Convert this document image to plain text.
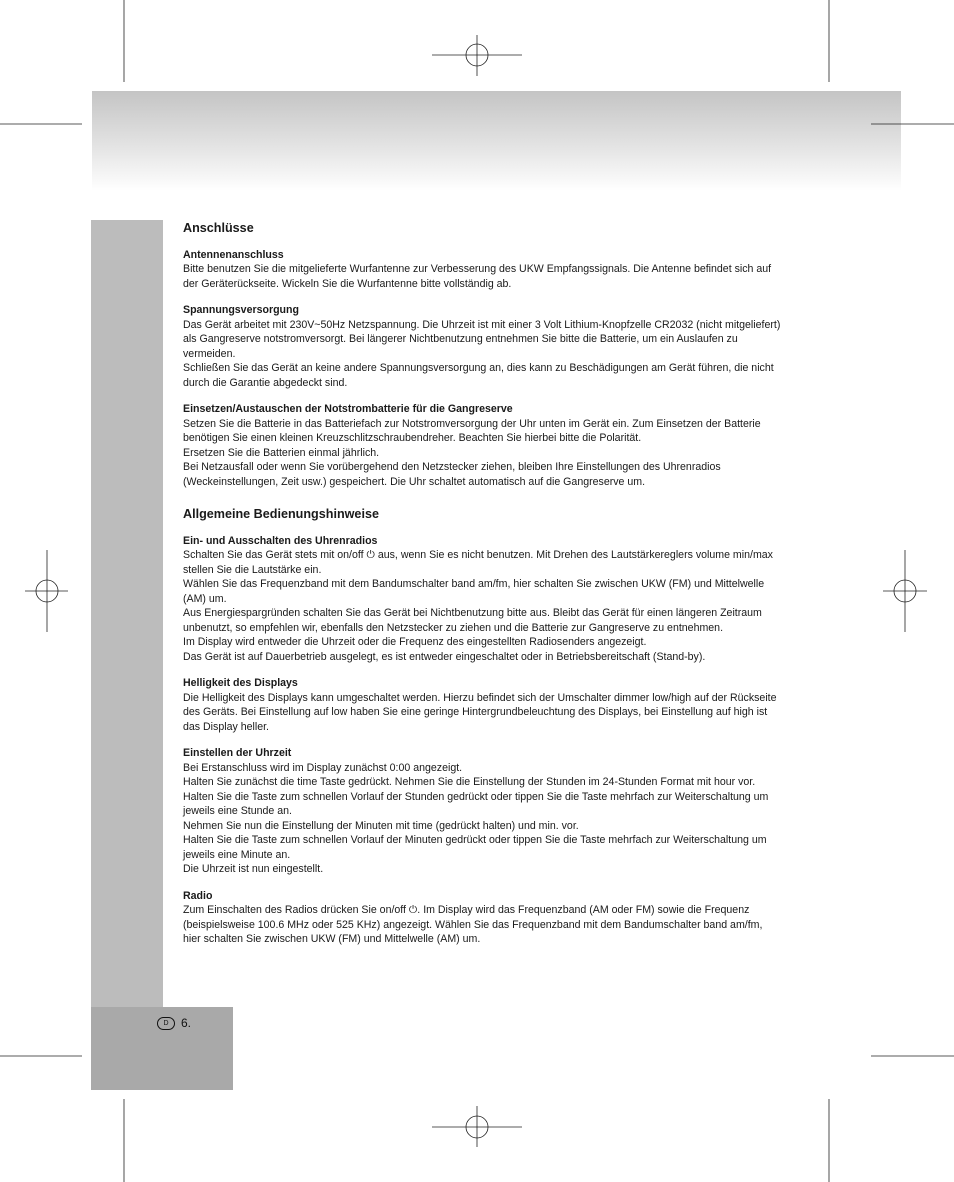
Anschlüsse

Antennenanschluss

Bitte benutzen Sie die mitgelieferte Wurfantenne zur Verbesserung des UKW Empfangssignals. Die Antenne befindet sich auf der Geräterückseite. Wickeln Sie die Wurfantenne bitte vollständig ab.

Spannungsversorgung

Das Gerät arbeitet mit 230V~50Hz Netzspannung. Die Uhrzeit ist mit einer 3 Volt Lithium-Knopfzelle CR2032 (nicht mitgeliefert) als Gangreserve notstromversorgt. Bei längerer Nichtbenutzung entnehmen Sie bitte die Batterie, um ein Auslaufen zu vermeiden.

Schließen Sie das Gerät an keine andere Spannungsversorgung an, dies kann zu Beschädigungen am Gerät führen, die nicht durch die Garantie abgedeckt sind.

Einsetzen/Austauschen der Notstrombatterie für die Gangreserve

Setzen Sie die Batterie in das Batteriefach zur Notstromversorgung der Uhr unten im Gerät ein. Zum Einsetzen der Batterie benötigen Sie einen kleinen Kreuzschlitzschraubendreher. Beachten Sie hierbei bitte die Polarität.

Ersetzen Sie die Batterien einmal jährlich.

Bei Netzausfall oder wenn Sie vorübergehend den Netzstecker ziehen, bleiben Ihre Einstellungen des Uhrenradios (Weckeinstellungen, Zeit usw.) gespeichert. Die Uhr schaltet automatisch auf die Gangreserve um.

Allgemeine Bedienungshinweise

Ein- und Ausschalten des Uhrenradios

Schalten Sie das Gerät stets mit on/off ⏻ aus, wenn Sie es nicht benutzen. Mit Drehen des Lautstärkereglers volume min/max stellen Sie die Lautstärke ein.

Wählen Sie das Frequenzband mit dem Bandumschalter band am/fm, hier schalten Sie zwischen UKW (FM) und Mittelwelle (AM) um.

Aus Energiespargründen schalten Sie das Gerät bei Nichtbenutzung bitte aus. Bleibt das Gerät für einen längeren Zeitraum unbenutzt, so empfehlen wir, ebenfalls den Netzstecker zu ziehen und die Batterie zur Gangreserve zu entnehmen.

Im Display wird entweder die Uhrzeit oder die Frequenz des eingestellten Radiosenders angezeigt.

Das Gerät ist auf Dauerbetrieb ausgelegt, es ist entweder eingeschaltet oder in Betriebsbereitschaft (Stand-by).

Helligkeit des Displays

Die Helligkeit des Displays kann umgeschaltet werden. Hierzu befindet sich der Umschalter dimmer low/high auf der Rückseite des Geräts. Bei Einstellung auf low haben Sie eine geringe Hintergrundbeleuchtung des Displays, bei Einstellung auf high ist das Display heller.

Einstellen der Uhrzeit

Bei Erstanschluss wird im Display zunächst 0:00 angezeigt.

Halten Sie zunächst die time Taste gedrückt. Nehmen Sie die Einstellung der Stunden im 24-Stunden Format mit hour vor.

Halten Sie die Taste zum schnellen Vorlauf der Stunden gedrückt oder tippen Sie die Taste mehrfach zur Weiterschaltung um jeweils eine Stunde an.

Nehmen Sie nun die Einstellung der Minuten mit time (gedrückt halten) und min. vor.

Halten Sie die Taste zum schnellen Vorlauf der Minuten gedrückt oder tippen Sie die Taste mehrfach zur Weiterschaltung um jeweils eine Minute an.

Die Uhrzeit ist nun eingestellt.

Radio

Zum Einschalten des Radios drücken Sie on/off ⏻. Im Display wird das Frequenzband (AM oder FM) sowie die Frequenz (beispielsweise 100.6 MHz oder 525 KHz) angezeigt. Wählen Sie das Frequenzband mit dem Bandumschalter band am/fm, hier schalten Sie zwischen UKW (FM) und Mittelwelle (AM) um.

D	6.
